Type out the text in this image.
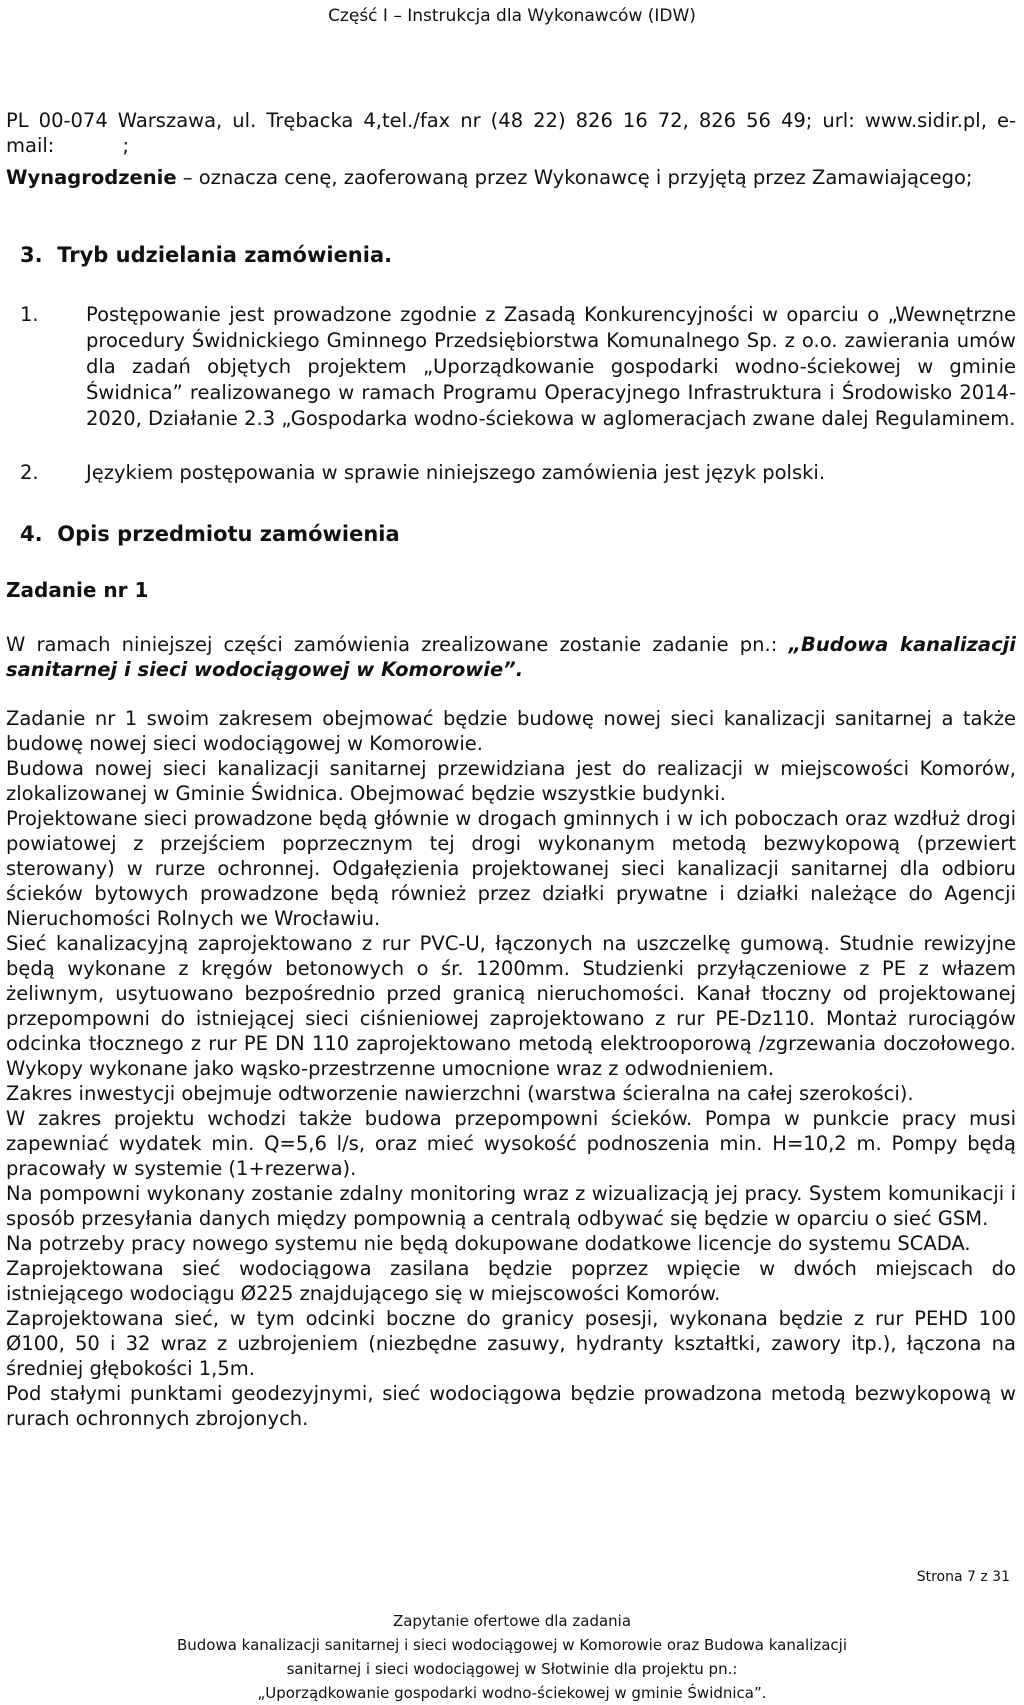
Część I – Instrukcja dla Wykonawców (IDW)

PL 00-074 Warszawa, ul. Trębacka 4,tel./fax nr (48 22) 826 16 72, 826 56 49; url: www.sidir.pl, e-

mail:           ;

Wynagrodzenie – oznacza cenę, zaoferowaną przez Wykonawcę i przyjętą przez Zamawiającego;

3.  Tryb udzielania zamówienia.
1. Postępowanie jest prowadzone zgodnie z Zasadą Konkurencyjności w oparciu o „Wewnętrzne procedury Świdnickiego Gminnego Przedsiębiorstwa Komunalnego Sp. z o.o. zawierania umów dla zadań objętych projektem „Uporządkowanie gospodarki wodno-ściekowej w gminie Świdnica” realizowanego w ramach Programu Operacyjnego Infrastruktura i Środowisko 2014-2020, Działanie 2.3 „Gospodarka wodno-ściekowa w aglomeracjach zwane dalej Regulaminem.

2. Językiem postępowania w sprawie niniejszego zamówienia jest język polski.

4.  Opis przedmiotu zamówienia
Zadanie nr 1

W ramach niniejszej części zamówienia zrealizowane zostanie zadanie pn.: „Budowa kanalizacji sanitarnej i sieci wodociągowej w Komorowie”.

Zadanie nr 1 swoim zakresem obejmować będzie budowę nowej sieci kanalizacji sanitarnej a także budowę nowej sieci wodociągowej w Komorowie.

Budowa nowej sieci kanalizacji sanitarnej przewidziana jest do realizacji w miejscowości Komorów, zlokalizowanej w Gminie Świdnica. Obejmować będzie wszystkie budynki.

Projektowane sieci prowadzone będą głównie w drogach gminnych i w ich poboczach oraz wzdłuż drogi powiatowej z przejściem poprzecznym tej drogi wykonanym metodą bezwykopową (przewiert sterowany) w rurze ochronnej. Odgałęzienia projektowanej sieci kanalizacji sanitarnej dla odbioru ścieków bytowych prowadzone będą również przez działki prywatne i działki należące do Agencji Nieruchomości Rolnych we Wrocławiu.

Sieć kanalizacyjną zaprojektowano z rur PVC-U, łączonych na uszczelkę gumową. Studnie rewizyjne będą wykonane z kręgów betonowych o śr. 1200mm. Studzienki przyłączeniowe z PE z włazem żeliwnym, usytuowano bezpośrednio przed granicą nieruchomości. Kanał tłoczny od projektowanej przepompowni do istniejącej sieci ciśnieniowej zaprojektowano z rur PE-Dz110. Montaż rurociągów odcinka tłocznego z rur PE DN 110 zaprojektowano metodą elektrooporową /zgrzewania doczołowego. Wykopy wykonane jako wąsko-przestrzenne umocnione wraz z odwodnieniem.

Zakres inwestycji obejmuje odtworzenie nawierzchni (warstwa ścieralna na całej szerokości).

W zakres projektu wchodzi także budowa przepompowni ścieków. Pompa w punkcie pracy musi zapewniać wydatek min. Q=5,6 l/s, oraz mieć wysokość podnoszenia min. H=10,2 m. Pompy będą pracowały w systemie (1+rezerwa).

Na pompowni wykonany zostanie zdalny monitoring wraz z wizualizacją jej pracy. System komunikacji i sposób przesyłania danych między pompownią a centralą odbywać się będzie w oparciu o sieć GSM.

Na potrzeby pracy nowego systemu nie będą dokupowane dodatkowe licencje do systemu SCADA.

Zaprojektowana sieć wodociągowa zasilana będzie poprzez wpięcie w dwóch miejscach do istniejącego wodociągu Ø225 znajdującego się w miejscowości Komorów.

Zaprojektowana sieć, w tym odcinki boczne do granicy posesji, wykonana będzie z rur PEHD 100 Ø100, 50 i 32 wraz z uzbrojeniem (niezbędne zasuwy, hydranty kształtki, zawory itp.), łączona na średniej głębokości 1,5m.

Pod stałymi punktami geodezyjnymi, sieć wodociągowa będzie prowadzona metodą bezwykopową w rurach ochronnych zbrojonych.

Strona 7 z 31
Zapytanie ofertowe dla zadania
Budowa kanalizacji sanitarnej i sieci wodociągowej w Komorowie oraz Budowa kanalizacji
sanitarnej i sieci wodociągowej w Słotwinie dla projektu pn.:
„Uporządkowanie gospodarki wodno-ściekowej w gminie Świdnica”.
